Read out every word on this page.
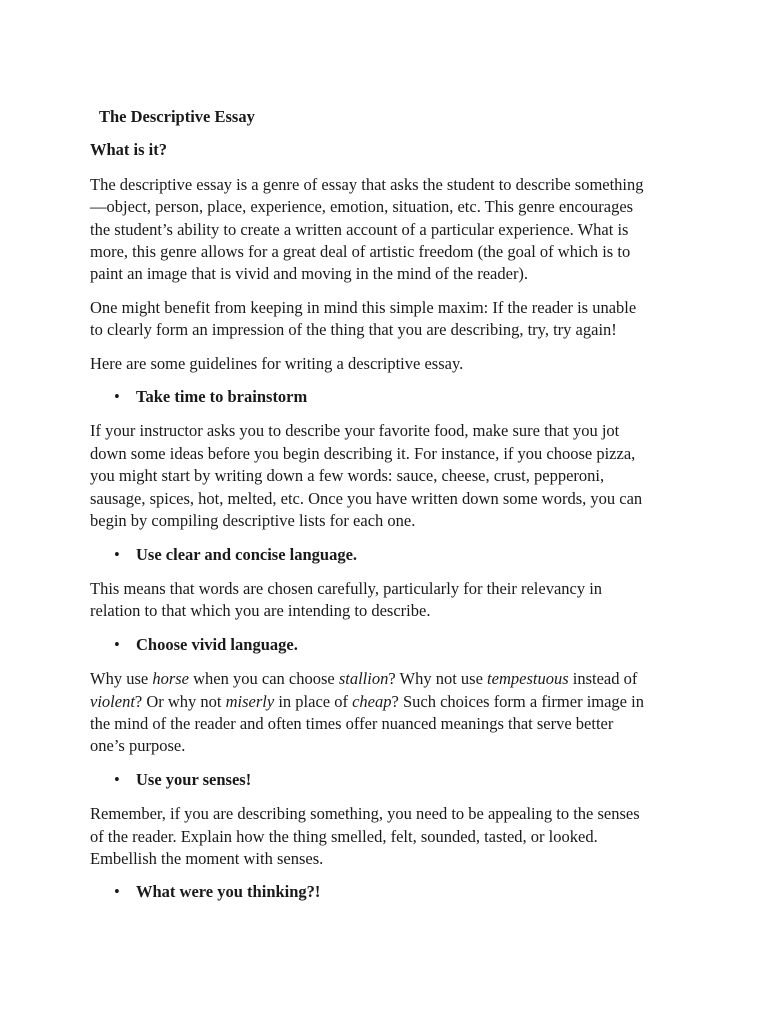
The Descriptive Essay
What is it?

The descriptive essay is a genre of essay that asks the student to describe something—object, person, place, experience, emotion, situation, etc. This genre encourages the student’s ability to create a written account of a particular experience. What is more, this genre allows for a great deal of artistic freedom (the goal of which is to paint an image that is vivid and moving in the mind of the reader).

One might benefit from keeping in mind this simple maxim: If the reader is unable to clearly form an impression of the thing that you are describing, try, try again!

Here are some guidelines for writing a descriptive essay.

• Take time to brainstorm

If your instructor asks you to describe your favorite food, make sure that you jot down some ideas before you begin describing it. For instance, if you choose pizza, you might start by writing down a few words: sauce, cheese, crust, pepperoni, sausage, spices, hot, melted, etc. Once you have written down some words, you can begin by compiling descriptive lists for each one.

• Use clear and concise language.

This means that words are chosen carefully, particularly for their relevancy in relation to that which you are intending to describe.

• Choose vivid language.

Why use horse when you can choose stallion? Why not use tempestuous instead of violent? Or why not miserly in place of cheap? Such choices form a firmer image in the mind of the reader and often times offer nuanced meanings that serve better one’s purpose.

• Use your senses!

Remember, if you are describing something, you need to be appealing to the senses of the reader. Explain how the thing smelled, felt, sounded, tasted, or looked. Embellish the moment with senses.

• What were you thinking?!
